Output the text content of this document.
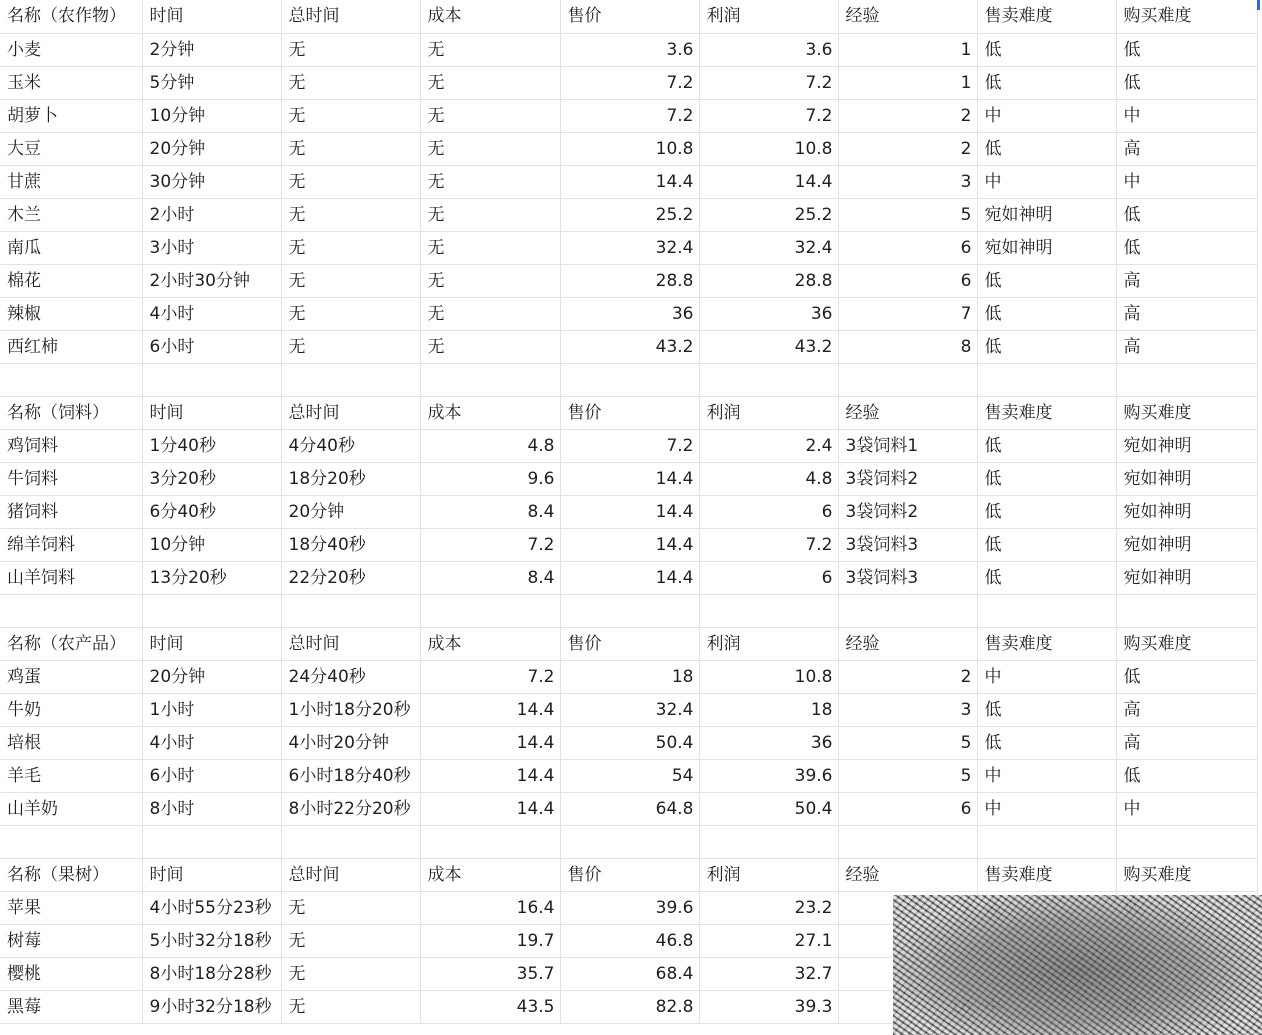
名称（农作物）	时间	总时间	成本	售价	利润	经验	售卖难度	购买难度
小麦	2分钟	无	无	3.6	3.6	1	低	低
玉米	5分钟	无	无	7.2	7.2	1	低	低
胡萝卜	10分钟	无	无	7.2	7.2	2	中	中
大豆	20分钟	无	无	10.8	10.8	2	低	高
甘蔗	30分钟	无	无	14.4	14.4	3	中	中
木兰	2小时	无	无	25.2	25.2	5	宛如神明	低
南瓜	3小时	无	无	32.4	32.4	6	宛如神明	低
棉花	2小时30分钟	无	无	28.8	28.8	6	低	高
辣椒	4小时	无	无	36	36	7	低	高
西红柿	6小时	无	无	43.2	43.2	8	低	高

名称（饲料）	时间	总时间	成本	售价	利润	经验	售卖难度	购买难度
鸡饲料	1分40秒	4分40秒	4.8	7.2	2.4	3袋饲料1	低	宛如神明
牛饲料	3分20秒	18分20秒	9.6	14.4	4.8	3袋饲料2	低	宛如神明
猪饲料	6分40秒	20分钟	8.4	14.4	6	3袋饲料2	低	宛如神明
绵羊饲料	10分钟	18分40秒	7.2	14.4	7.2	3袋饲料3	低	宛如神明
山羊饲料	13分20秒	22分20秒	8.4	14.4	6	3袋饲料3	低	宛如神明

名称（农产品）	时间	总时间	成本	售价	利润	经验	售卖难度	购买难度
鸡蛋	20分钟	24分40秒	7.2	18	10.8	2	中	低
牛奶	1小时	1小时18分20秒	14.4	32.4	18	3	低	高
培根	4小时	4小时20分钟	14.4	50.4	36	5	低	高
羊毛	6小时	6小时18分40秒	14.4	54	39.6	5	中	低
山羊奶	8小时	8小时22分20秒	14.4	64.8	50.4	6	中	中

名称（果树）	时间	总时间	成本	售价	利润	经验	售卖难度	购买难度
苹果	4小时55分23秒	无	16.4	39.6	23.2			
树莓	5小时32分18秒	无	19.7	46.8	27.1			
樱桃	8小时18分28秒	无	35.7	68.4	32.7			
黑莓	9小时32分18秒	无	43.5	82.8	39.3			
